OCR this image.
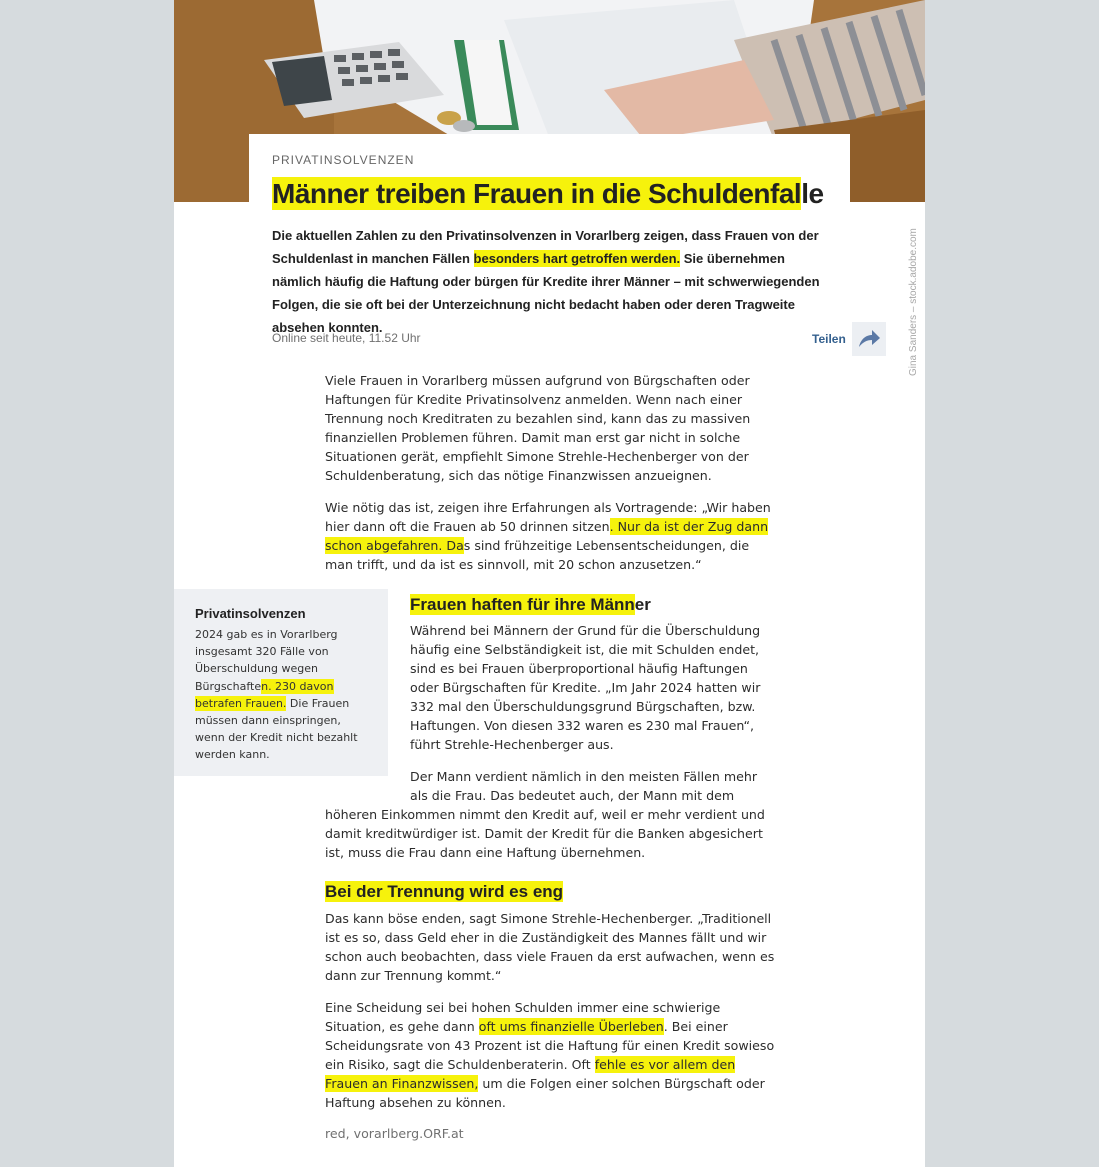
Gina Sanders – stock.adobe.com
PRIVATINSOLVENZEN
Männer treiben Frauen in die Schuldenfalle

Die aktuellen Zahlen zu den Privatinsolvenzen in Vorarlberg zeigen, dass Frauen von der Schuldenlast in manchen Fällen besonders hart getroffen werden. Sie übernehmen nämlich häufig die Haftung oder bürgen für Kredite ihrer Männer – mit schwerwiegenden Folgen, die sie oft bei der Unterzeichnung nicht bedacht haben oder deren Tragweite absehen konnten.

Online seit heute, 11.52 Uhr	Teilen

Viele Frauen in Vorarlberg müssen aufgrund von Bürgschaften oder Haftungen für Kredite Privatinsolvenz anmelden. Wenn nach einer Trennung noch Kreditraten zu bezahlen sind, kann das zu massiven finanziellen Problemen führen. Damit man erst gar nicht in solche Situationen gerät, empfiehlt Simone Strehle-Hechenberger von der Schuldenberatung, sich das nötige Finanzwissen anzueignen.

Wie nötig das ist, zeigen ihre Erfahrungen als Vortragende: „Wir haben hier dann oft die Frauen ab 50 drinnen sitzen. Nur da ist der Zug dann schon abgefahren. Das sind frühzeitige Lebensentscheidungen, die man trifft, und da ist es sinnvoll, mit 20 schon anzusetzen.“

Privatinsolvenzen

2024 gab es in Vorarlberg insgesamt 320 Fälle von Überschuldung wegen Bürgschaften. 230 davon betrafen Frauen. Die Frauen müssen dann einspringen, wenn der Kredit nicht bezahlt werden kann.

Frauen haften für ihre Männer

Während bei Männern der Grund für die Überschuldung häufig eine Selbständigkeit ist, die mit Schulden endet, sind es bei Frauen überproportional häufig Haftungen oder Bürgschaften für Kredite. „Im Jahr 2024 hatten wir 332 mal den Überschuldungsgrund Bürgschaften, bzw. Haftungen. Von diesen 332 waren es 230 mal Frauen“, führt Strehle-Hechenberger aus.

Der Mann verdient nämlich in den meisten Fällen mehr

als die Frau. Das bedeutet auch, der Mann mit dem

höheren Einkommen nimmt den Kredit auf, weil er mehr verdient und damit kreditwürdiger ist. Damit der Kredit für die Banken abgesichert ist, muss die Frau dann eine Haftung übernehmen.

Bei der Trennung wird es eng

Das kann böse enden, sagt Simone Strehle-Hechenberger. „Traditionell ist es so, dass Geld eher in die Zuständigkeit des Mannes fällt und wir schon auch beobachten, dass viele Frauen da erst aufwachen, wenn es dann zur Trennung kommt.“

Eine Scheidung sei bei hohen Schulden immer eine schwierige Situation, es gehe dann oft ums finanzielle Überleben. Bei einer Scheidungsrate von 43 Prozent ist die Haftung für einen Kredit sowieso ein Risiko, sagt die Schuldenberaterin. Oft fehle es vor allem den Frauen an Finanzwissen, um die Folgen einer solchen Bürgschaft oder Haftung absehen zu können.

red, vorarlberg.ORF.at
